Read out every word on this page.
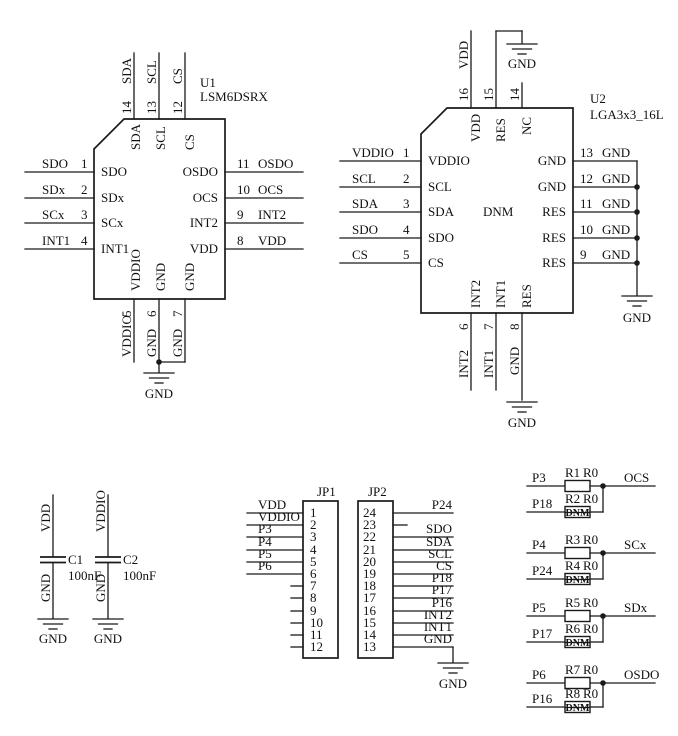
U1
LSM6DSRX
SDA
14
SDA
SCL
13
SCL
CS
12
CS
SDO 1
SDO
SDx 2
SDx
SCx 3
SCx
INT1 4
INT1
11 OSDO
OSDO
10 OCS
OCS
9 INT2
INT2
8 VDD
VDD
5
VDDIO
VDDIO
6
GND
GND
7
GND
GND
GND
U2
LGA3x3_16L
DNM
VDD
16
VDD
15
RES
GND
14
NC
VDDIO 1
VDDIO
SCL 2
SCL
SDA 3
SDA
SDO 4
SDO
CS	5
CS
13 GND
GND
12 GND
GND
11 GND
RES
10 GND
RES
9 GND
RES
GND
6
INT2
INT2
7
INT1
INT1
8
GND
RES
GND
VDD
GND
C1
100nF
GND
VDDIO
GND
C2
100nF
GND
JP1
1
2
3
4
5
6
7
8
9
10
11
12
VDD
VDDIO
P3
P4
P5
P6
JP2
24
23
22
21
20
19
18
17
16
15
14
13
P24
SDO
SDA
SCL
CS
P18
P17
P16
INT2
INT1
GND
GND
P3 R1 R0 OCS
P18
DNM
R2 R0
P4 R3 R0 SCx
P24
DNM
R4 R0
P5 R5 R0 SDx
P17
DNM
R6 R0
P6 R7 R0 OSDO
P16
DNM
R8 R0
